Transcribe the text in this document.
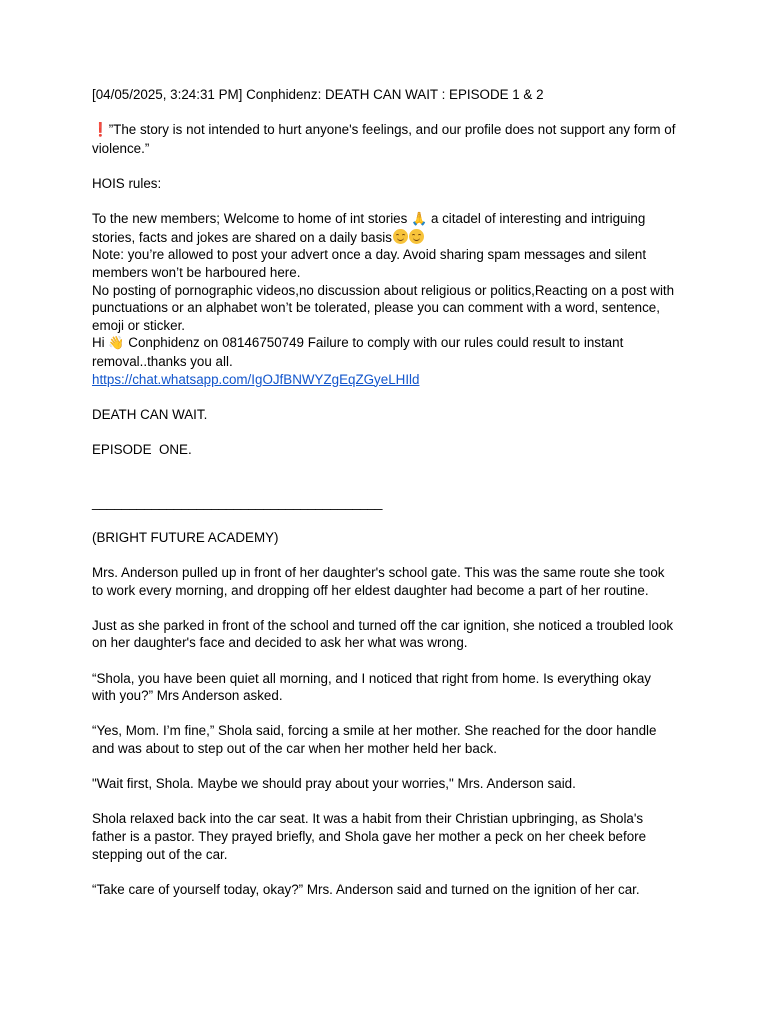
[04/05/2025, 3:24:31 PM] Conphidenz: DEATH CAN WAIT : EPISODE 1 & 2

❗”The story is not intended to hurt anyone's feelings, and our profile does not support any form of violence.”

HOIS rules:

To the new members; Welcome to home of int stories 🙏 a citadel of interesting and intriguing stories, facts and jokes are shared on a daily basis

Note: you’re allowed to post your advert once a day. Avoid sharing spam messages and silent members won’t be harboured here.

No posting of pornographic videos,no discussion about religious or politics,Reacting on a post with punctuations or an alphabet won’t be tolerated, please you can comment with a word, sentence, emoji or sticker.

Hi 👋 Conphidenz on 08146750749 Failure to comply with our rules could result to instant removal..thanks you all.

https://chat.whatsapp.com/IgOJfBNWYZgEqZGyeLHIld

DEATH CAN WAIT.

EPISODE  ONE.

_______________________________________

(BRIGHT FUTURE ACADEMY)

Mrs. Anderson pulled up in front of her daughter's school gate. This was the same route she took to work every morning, and dropping off her eldest daughter had become a part of her routine.

Just as she parked in front of the school and turned off the car ignition, she noticed a troubled look on her daughter's face and decided to ask her what was wrong.

“Shola, you have been quiet all morning, and I noticed that right from home. Is everything okay with you?” Mrs Anderson asked.

“Yes, Mom. I’m fine,” Shola said, forcing a smile at her mother. She reached for the door handle and was about to step out of the car when her mother held her back.

"Wait first, Shola. Maybe we should pray about your worries," Mrs. Anderson said.

Shola relaxed back into the car seat. It was a habit from their Christian upbringing, as Shola's father is a pastor. They prayed briefly, and Shola gave her mother a peck on her cheek before stepping out of the car.

“Take care of yourself today, okay?” Mrs. Anderson said and turned on the ignition of her car.
